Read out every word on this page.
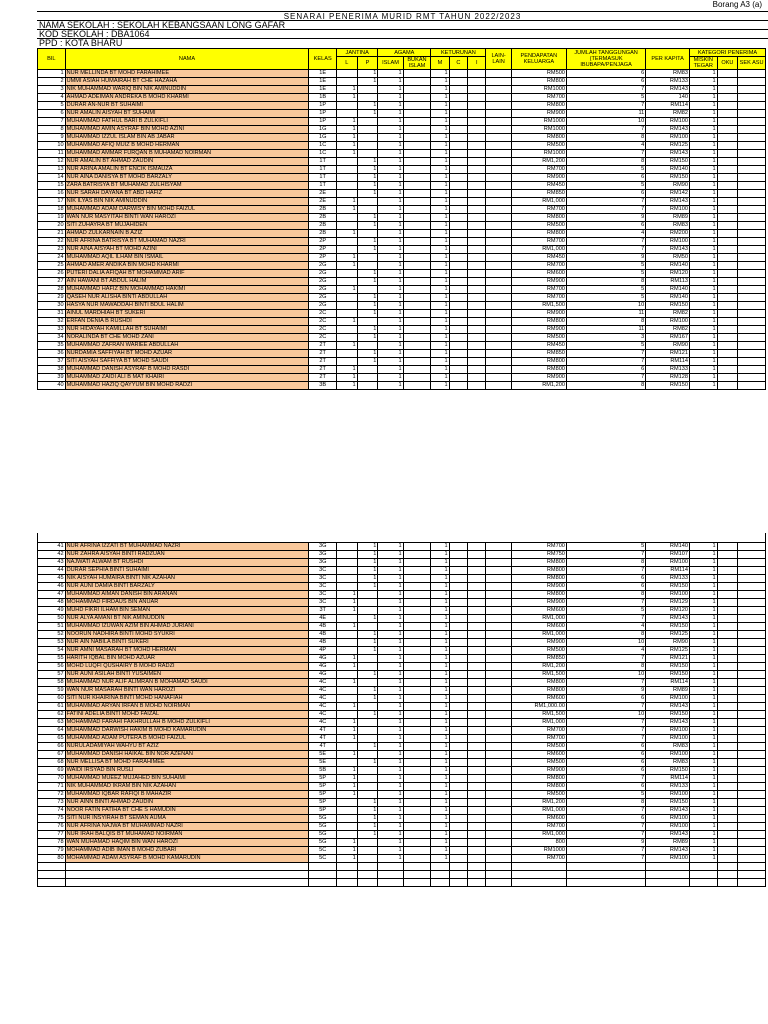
Borang A3 (a)
SENARAI PENERIMA MURID RMT TAHUN 2022/2023
NAMA SEKOLAH : SEKOLAH KEBANGSAAN LONG GAFAR
KOD SEKOLAH : DBA1064
PPD : KOTA BHARU
BIL	NAMA	KELAS	JANTINA		AGAMA		KETURUNAN			LAIN-LAIN	PENDAPATAN KELUARGA	JUMLAH TANGGUNGAN (TERMASUK IBUBAPA/PENJAGA	PER KAPITA	KATEGORI PENERIMA		
			L	P	ISLAM	BUKAN ISLAM	M	C	I					MISKIN TEGAR	OKU	SEK ASU

1	NUR MELLINDA BT MOHD FARAHIMEE	1E		1	1		1				RM500	6	RM83	1		
2	UMMI ASIAH HUMAIRAH BT CHE HAZAHA	1E		1	1		1				RM800	6	RM133	1		
3	NIK MUHAMMAD WARIQ BIN NIK AMINUDDIN	1E	1		1		1				RM1000	7	RM143	1		
4	AHMAD ADEIMAN ANDREKA B MOHD KHARMI	1B	1		1		1				RM700	5	140	1		
5	DURAR AN-NUR BT SUHAIMI	1P		1	1		1				RM800	7	RM114	1		
6	NUR AMALIN AISYAH BT SUHAIMI	1P		1	1		1				RM900	11	RM82	1		
7	MUHAMMAD FATHUL BARI B ZULKIFLI	1P	1		1		1				RM1000	10	RM100	1		
8	MUHAMMAD AMIN ASYRAF BIN MOHD AZINI	1G	1		1		1				RM1000	7	RM143	1		
9	MUHAMMAD IZZUL ISLAM BIN AB JABAR	1G	1		1		1				RM800	8	RM100	1		
10	MUHAMMAD AFIQ MUIZ B MOHD HERMAN	1C	1		1		1				RM500	4	RM125	1		
11	MUHAMMAD AMMAR FURQAN B MUHAMAD NOIRMAN	1C	1		1		1				RM1000	7	RM143	1		
12	NUR AMALIN BT AHMAD ZAUDIN	1T		1	1		1				RM1,200	8	RM150	1		
13	NUR ARINA AMALIN BT ENCIK ISMAUZA	1T		1	1		1				RM700	5	RM140	1		
14	NUR AINA DANISYA BT MOHD BARZALY	1T		1	1		1				RM900	6	RM150	1		
15	ZARA BATRISYA BT MUHAMAD ZULHISYAM	1T		1	1		1				RM450	5	RM90	1		
16	NUR SARAH DAYANA BT ABD HAFIZ	2E		1	1		1				RM850	6	RM142	1		
17	NIK ILYAS BIN NIK AMINUDDIN	2E	1		1		1				RM1,000	7	RM143	1		
18	MUHAMMAD ADAM DARWISY BIN MOHD FAIZUL	2B	1		1		1				RM700	7	RM100	1		
19	WAN NUR MASYITAH BINTI WAN HAROZI	2B		1	1		1				RM800	9	RM89	1		
20	SITI ZUHAYRA BT MUJAHIDEN	2B		1	1		1				RM500	6	RM83	1		
21	AHMAD ZULKARNAIN B AZIZ	2B	1		1		1				RM800	4	RM200	1		
22	NUR AFRINA BATRISYA BT MUHAMAD NAZRI	2P		1	1		1				RM700	7	RM100	1		
23	NUR AINA AISYAH BT MOHD AZINI	2P		1	1		1				RM1,000	7	RM143	1		
24	MUHAMMAD AQIL ILHAM BIN ISMAIL	2P	1		1		1				RM450	9	RM50	1		
25	AHMAD AMER ANDIKA BIN MOHD KHARMI	2G	1		1		1				RM700	5	RM140	1		
26	PUTERI DALIA AFIQAH BT MOHAMMAD ARIF	2G		1	1		1				RM600	5	RM120	1		
27	AIN HAWANI BT ABDUL HALIM	2G		1	1		1				RM900	8	RM113	1		
28	MUHAMMAD HAFIZ BIN MOHAMMAD HAKIMI	2G	1		1		1				RM700	5	RM140	1		
29	QASEH NUR ALISHA BINTI ABDULLAH	2G		1	1		1				RM700	5	RM140	1		
30	HASYA NUR MAWADDAH BINTI BDUL HALIM	2G		1	1		1				RM1,500	10	RM150	1		
31	AINUL MARDHIAH BT SUKERI	2C		1	1		1				RM900	11	RM82	1		
32	ERFAN DENIA B RUSHDI	2C	1		1		1				RM800	8	RM100	1		
33	NUR HIDAYAH KAMILLAH BT SUHAIMI	2C		1	1		1				RM900	11	RM82	1		
34	NORALINDA BT CHE MOHD ZANI	2C		1	1		1				RM500	3	RM167	1		
35	MUHAMMAD ZAFRAN WARIEE ABDULLAH	2T	1		1		1				RM450	5	RM90	1		
36	NURDAMIA SAFFIYAH BT MOHD AZUAR	2T		1	1		1				RM850	7	RM121	1		
37	SITI AISYAH SAFFIYA BT MOHD SAUDI	2T		1	1		1				RM800	7	RM114	1		
38	MUHAMMAD DANISH ASYRAF B MOHD RASDI	2T	1		1		1				RM800	6	RM133	1		
39	MUHAMMAD ZAIDI ALI B MAT KHAIRI	2T	1		1		1				RM900	7	RM128	1		
40	MUHAMMAD HAZIQ QAYYUM BIN MOHD RADZI	3B	1		1		1				RM1,200	8	RM150	1		
41	NUR AFRINA IZZATI BT MUHAMMAD NAZRI	3G		1	1		1				RM700	5	RM140	1		
42	NUR ZAHRA AISYAH BINTI RADZUAN	3G		1	1		1				RM750	7	RM107	1		
43	NAJWATI ALWAM BT RUSHDI	3G		1	1		1				RM800	8	RM100	1		
44	DURAR SEPHIA BINTI SUHAIMI	3C		1	1		1				RM800	7	RM114	1		
45	NIK AISYAH HUMAIRA BINTI NIK AZAHAN	3C		1	1		1				RM800	6	RM133	1		
46	NUR AUNI DAMIA BINTI BARZALY	3C		1	1		1				RM900	6	RM150	1		
47	MUHAMMAD AIMAN DANISH BIN ARANAN	3C	1		1		1				RM800	8	RM100	1		
48	MOHAMMAD FIRDAUS BIN ANUAR	3C	1		1		1				RM900	7	RM129	1		
49	MUHD FIKRI ILHAM BIN SEMAN	3T	1		1		1				RM600	5	RM120	1		
50	NUR ALYA AMANI BT NIK AMINUDDIN	4E		1	1		1				RM1,000	7	RM143	1		
51	MUHAMMAD IZUWAN AZIM BIN AHMAD JURIANI	4B	1		1		1				RM600	4	RM150	1		
52	NOORUN NADHIRA BINTI MOHD SYUKRI	4B		1	1		1				RM1,000	8	RM125	1		
53	NUR AIN NABILA BINTI SUKERI	4B		1	1		1				RM900	10	RM90	1		
54	NUR AMNI MASARAH BT MOHD HERMAN	4P		1	1		1				RM500	4	RM125	1		
55	HARITH IQBAL BIN MOHD AZUAR	4G	1		1		1				RM850	7	RM121	1		
56	MOHD LUQFI QUSHAIRY B MOHD RADZI	4G	1		1		1				RM1,200	8	RM150	1		
57	NUR AUNI ASILAH BINTI YUSAIMEN	4G		1	1		1				RM1,500	10	RM150	1		
58	MUHAMMAD NUR ALIF ALIMRAN B MOHAMAD SAUDI	4C	1		1		1				RM800	7	RM114	1		
59	WAN NUR MASARAH BINTI WAN HAROZI	4C		1	1		1				RM800	9	RM89	1		
60	SITI NUR KHAIRINA BINTI MOHD HANAFIAH	4C		1	1		1				RM600	6	RM100	1		
61	MUHAMMAD ARYAN IRFAN B MOHD NOIRMAN	4C	1		1		1				RM1,000.00	7	RM143	1		
62	FATINI ADELIA BINTI MOHD FAIZAL	4C		1	1		1				RM1,500	10	RM150	1		
63	MOHAMMAD FARAHI FAKHRULLAH B MOHD ZULKIFLI	4C	1		1		1				RM1,000	7	RM143	1		
64	MUHAMMAD DARWISH HAKIM B MOHD KAMARUDIN	4T	1		1		1				RM700	7	RM100	1		
65	MUHAMMAD ADAM PUTERA B MOHD FAIZUL	4T	1		1		1				RM700	7	RM100	1		
66	NURULADAMIYAH WAHYU BT AZIZ	4T		1	1		1				RM500	6	RM83	1		
67	MUHAMMAD DANISH HAIKAL BIN NOR AZENAN	5E	1		1		1				RM600	6	RM100	1		
68	NUR MELLISA BT MOHD FARAHIMEE	5E		1	1		1				RM500	6	RM83	1		
69	WAIDI IRSYAD BIN RUSLI	5B	1		1		1				RM900	6	RM150	1		
70	MUHAMMAD MUEEZ MUJAHED BIN SUHAIMI	5P	1		1		1				RM800	7	RM114	1		
71	NIK MUHAMMAD IKRAM BIN NIK AZAHAN	5P	1		1		1				RM800	6	RM133	1		
72	MUHAMMAD IQBAR RAFIQI B MAHAZIR	5P	1		1		1				RM500	5	RM100	1		
73	NUR AINN BINTI AHMAD ZAUDIN	5P		1	1		1				RM1,200	8	RM150	1		
74	NOOR FATIN FATIHA BT CHE S HAMUDIN	5P		1	1		1				RM1,000	7	RM143	1		
75	SITI NUR INSYIRAH BT SEMAN AUMA	5G		1	1		1				RM600	6	RM100	1		
76	NUR AFRINA NAJWA BT MUHAMMAD NAZRI	5G		1	1		1				RM700	7	RM100	1		
77	NUR IRAH BALQIS BT MUHAMAD NOIRMAN	5G		1	1		1				RM1,000	7	RM143	1		
78	WAN MUHAMAD HAQIM BIN WAN HAROZI	5G	1		1		1				800	9	RM89	1		
79	MOHAMMAD ADIB IMAN B MOHD ZUBARI	5C	1		1		1				RM1000	7	RM143	1		
80	MOHAMMAD ADAM ASYRAF B MOHD KAMARUDIN	5C	1		1		1				RM700	7	RM100	1		
